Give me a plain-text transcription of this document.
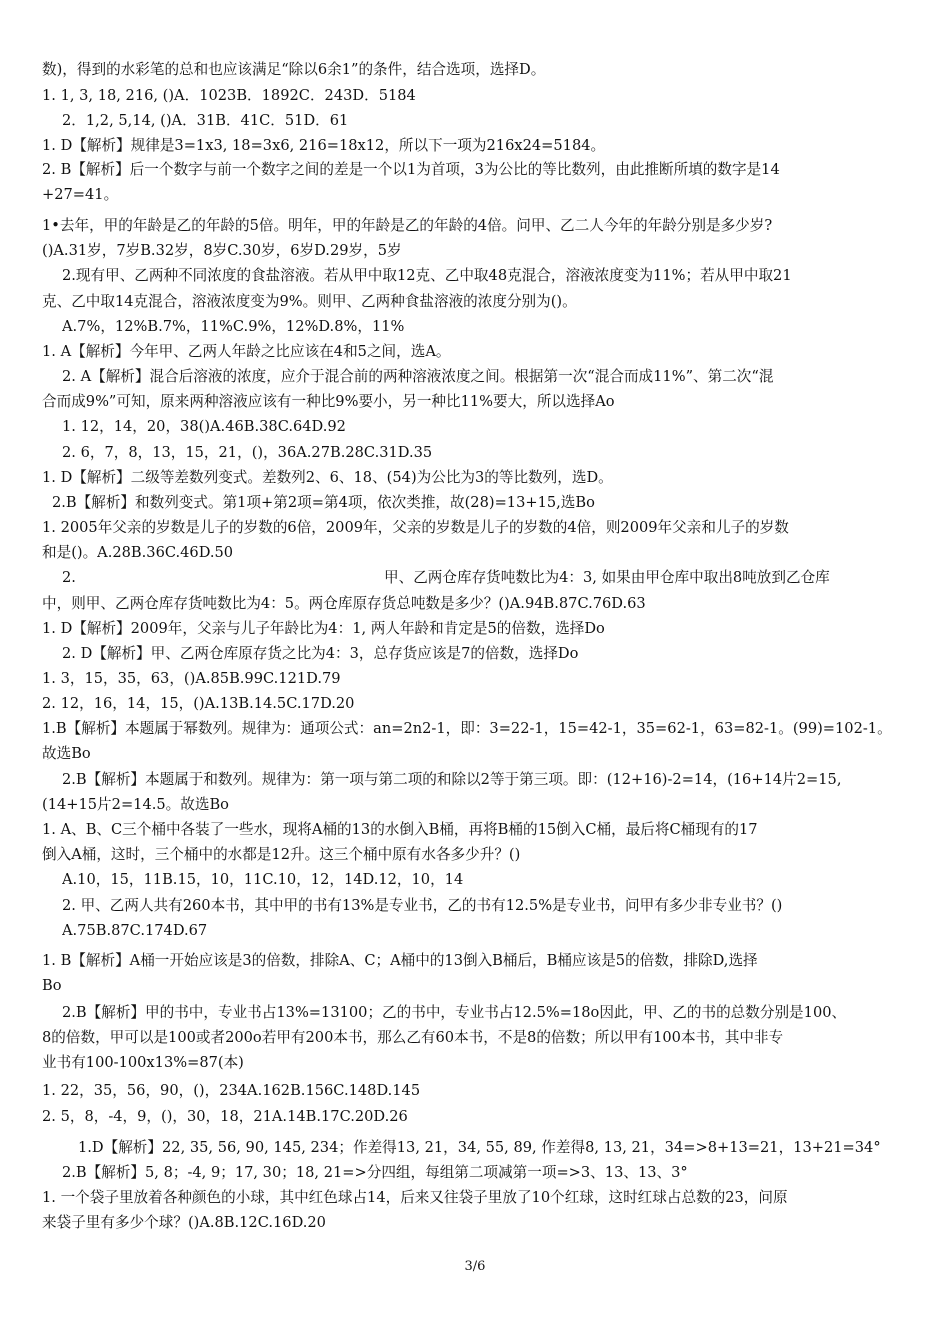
数)，得到的水彩笔的总和也应该满足“除以6余1”的条件，结合选项，选择D。
1. 1, 3, 18, 216, ()A．1023B．1892C．243D．5184
2．1,2, 5,14, ()A．31B．41C．51D．61
1. D【解析】规律是3=1x3, 18=3x6, 216=18x12，所以下一项为216x24=5184。
2. B【解析】后一个数字与前一个数字之间的差是一个以1为首项，3为公比的等比数列，由此推断所填的数字是14
+27=41。
1•去年，甲的年龄是乙的年龄的5倍。明年，甲的年龄是乙的年龄的4倍。问甲、乙二人今年的年龄分别是多少岁?
()A.31岁，7岁B.32岁，8岁C.30岁，6岁D.29岁，5岁
2.现有甲、乙两种不同浓度的食盐溶液。若从甲中取12克、乙中取48克混合，溶液浓度变为11%；若从甲中取21
克、乙中取14克混合，溶液浓度变为9%。则甲、乙两种食盐溶液的浓度分别为()。
A.7%，12%B.7%，11%C.9%，12%D.8%，11%
1. A【解析】今年甲、乙两人年龄之比应该在4和5之间，选A。
2. A【解析】混合后溶液的浓度，应介于混合前的两种溶液浓度之间。根据第一次“混合而成11%”、第二次“混
合而成9%”可知，原来两种溶液应该有一种比9%要小，另一种比11%要大，所以选择Ao
1. 12，14，20，38()A.46B.38C.64D.92
2. 6，7，8，13，15，21，()，36A.27B.28C.31D.35
1. D【解析】二级等差数列变式。差数列2、6、18、(54)为公比为3的等比数列，选D。
2.B【解析】和数列变式。第1项+第2项=第4项，依次类推，故(28)=13+15,选Bo
1. 2005年父亲的岁数是儿子的岁数的6倍，2009年，父亲的岁数是儿子的岁数的4倍，则2009年父亲和儿子的岁数
和是()。A.28B.36C.46D.50
2.	甲、乙两仓库存货吨数比为4：3, 如果由甲仓库中取出8吨放到乙仓库
中，则甲、乙两仓库存货吨数比为4：5。两仓库原存货总吨数是多少？()A.94B.87C.76D.63
1. D【解析】2009年，父亲与儿子年龄比为4：1, 两人年龄和肯定是5的倍数，选择Do
2. D【解析】甲、乙两仓库原存货之比为4：3，总存货应该是7的倍数，选择Do
1. 3，15，35，63，()A.85B.99C.121D.79
2. 12，16，14，15，()A.13B.14.5C.17D.20
1.B【解析】本题属于幂数列。规律为：通项公式：an=2n2-1，即：3=22-1，15=42-1，35=62-1，63=82-1。(99)=102-1。
故选Bo
2.B【解析】本题属于和数列。规律为：第一项与第二项的和除以2等于第三项。即：(12+16)-2=14，(16+14片2=15,
(14+15片2=14.5。故选Bo
1. A、B、C三个桶中各装了一些水，现将A桶的13的水倒入B桶，再将B桶的15倒入C桶，最后将C桶现有的17
倒入A桶，这时，三个桶中的水都是12升。这三个桶中原有水各多少升？()
A.10，15，11B.15，10，11C.10，12，14D.12，10，14
2. 甲、乙两人共有260本书，其中甲的书有13%是专业书，乙的书有12.5%是专业书，问甲有多少非专业书？()
A.75B.87C.174D.67
1. B【解析】A桶一开始应该是3的倍数，排除A、C；A桶中的13倒入B桶后，B桶应该是5的倍数，排除D,选择
Bo
2.B【解析】甲的书中，专业书占13%=13100；乙的书中，专业书占12.5%=18o因此，甲、乙的书的总数分别是100、
8的倍数，甲可以是100或者200o若甲有200本书，那么乙有60本书，不是8的倍数；所以甲有100本书，其中非专
业书有100-100x13%=87(本)
1. 22，35，56，90，()，234A.162B.156C.148D.145
2. 5，8，-4，9，()，30，18，21A.14B.17C.20D.26
1.D【解析】22, 35, 56, 90, 145, 234；作差得13, 21，34, 55, 89, 作差得8, 13, 21，34=>8+13=21，13+21=34°
2.B【解析】5, 8；-4, 9；17, 30；18, 21=>分四组，每组第二项减第一项=>3、13、13、3°
1. 一个袋子里放着各种颜色的小球，其中红色球占14，后来又往袋子里放了10个红球，这时红球占总数的23，问原
来袋子里有多少个球？()A.8B.12C.16D.20
3/6
